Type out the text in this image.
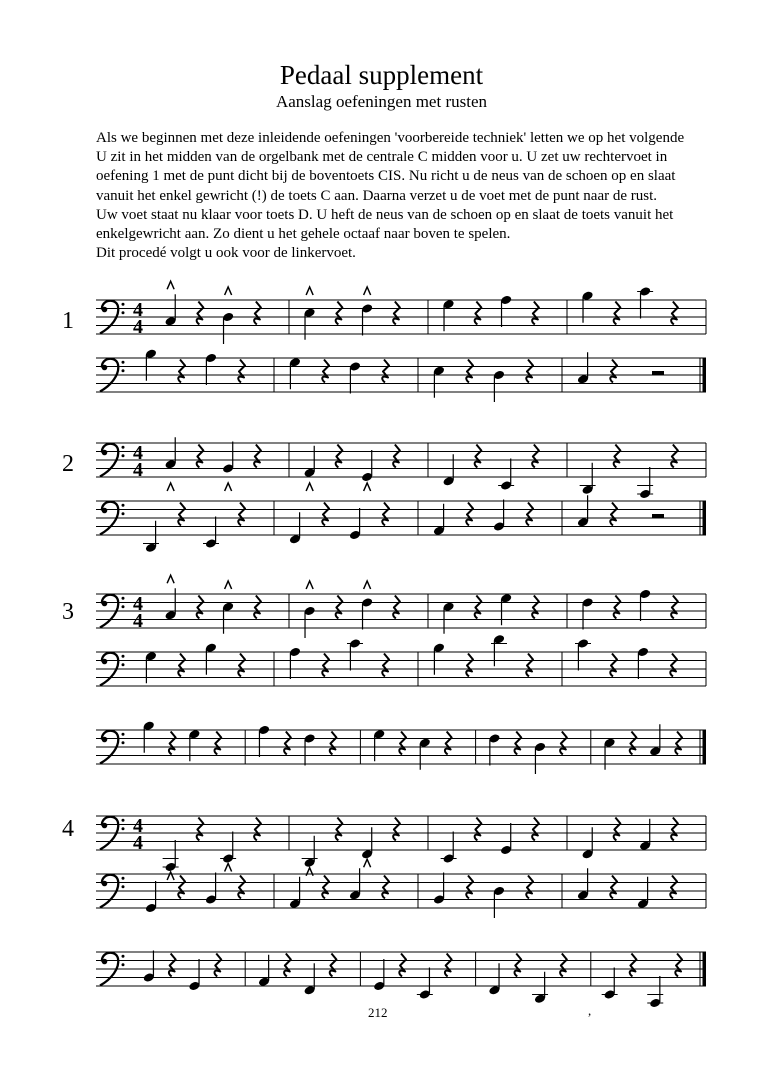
Pedaal supplement
Aanslag oefeningen met rusten
Als we beginnen met deze inleidende oefeningen 'voorbereide techniek' letten we op het volgende
U zit in het midden van de orgelbank met de centrale C midden voor u. U zet uw rechtervoet in
oefening 1 met de punt dicht bij de boventoets CIS. Nu richt u de neus van de schoen op en slaat
vanuit het enkel gewricht (!) de toets C aan. Daarna verzet u de voet met de punt naar de rust.
Uw voet staat nu klaar voor toets D. U heft de neus van de schoen op en slaat de toets vanuit het
enkelgewricht aan. Zo dient u het gehele octaaf naar boven te spelen.
Dit procedé volgt u ook voor de linkervoet.
1
2
3
4
4
4
4
4
4
4
4
4
212	,
